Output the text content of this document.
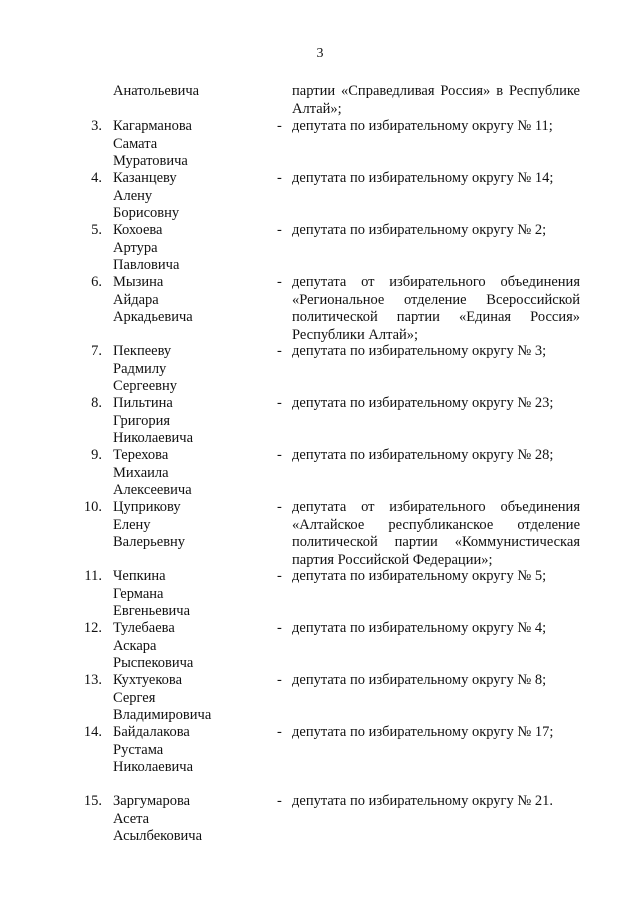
3
Анатольевича	партии «Справедливая Россия» в Республике
Алтай»;
3. Кагарманова
Самата
Муратовича
- депутата по избирательному округу № 11;
4. Казанцеву
Алену
Борисовну
- депутата по избирательному округу № 14;
5. Кохоева
Артура
Павловича
- депутата по избирательному округу № 2;
6. Мызина
Айдара
Аркадьевича
- депутата от избирательного объединения
«Региональное отделение Всероссийской
политической партии «Единая Россия»
Республики Алтай»;
7. Пекпееву
Радмилу
Сергеевну
- депутата по избирательному округу № 3;
8. Пильтина
Григория
Николаевича
- депутата по избирательному округу № 23;
9. Терехова
Михаила
Алексеевича
- депутата по избирательному округу № 28;
10. Цуприкову
Елену
Валерьевну
- депутата от избирательного объединения
«Алтайское республиканское отделение
политической партии «Коммунистическая
партия Российской Федерации»;
11. Чепкина
Германа
Евгеньевича
- депутата по избирательному округу № 5;
12. Тулебаева
Аскара
Рыспековича
- депутата по избирательному округу № 4;
13. Кухтуекова
Сергея
Владимировича
- депутата по избирательному округу № 8;
14. Байдалакова
Рустама
Николаевича
- депутата по избирательному округу № 17;
15. Заргумарова
Асета
Асылбековича
- депутата по избирательному округу № 21.
